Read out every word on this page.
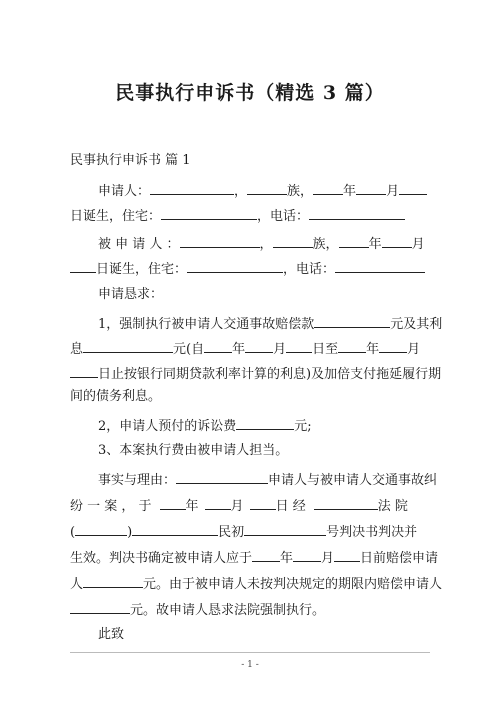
民事执行申诉书（精选 3 篇）
民事执行申诉书 篇 1
申请人：	，	族， 年 月
日诞生，住宅：	，电话：
被 申 请 人 ：	，	族， 年 月
日诞生，住宅：	，电话：
申请恳求：
1，强制执行被申请人交通事故赔偿款	元及其利
息	元(自 年 月 日至 年 月
日止按银行同期贷款利率计算的利息)及加倍支付拖延履行期
间的债务利息。
2，申请人预付的诉讼费	元;
3、本案执行费由被申请人担当。
事实与理由：	申请人与被申请人交通事故纠
纷 一 案 ， 于	年 月 日 经	法 院
(	)	民初	号判决书判决并
生效。判决书确定被申请人应于 年 月 日前赔偿申请
人	元。由于被申请人未按判决规定的期限内赔偿申请人
元。故申请人恳求法院强制执行。
此致
- 1 -
